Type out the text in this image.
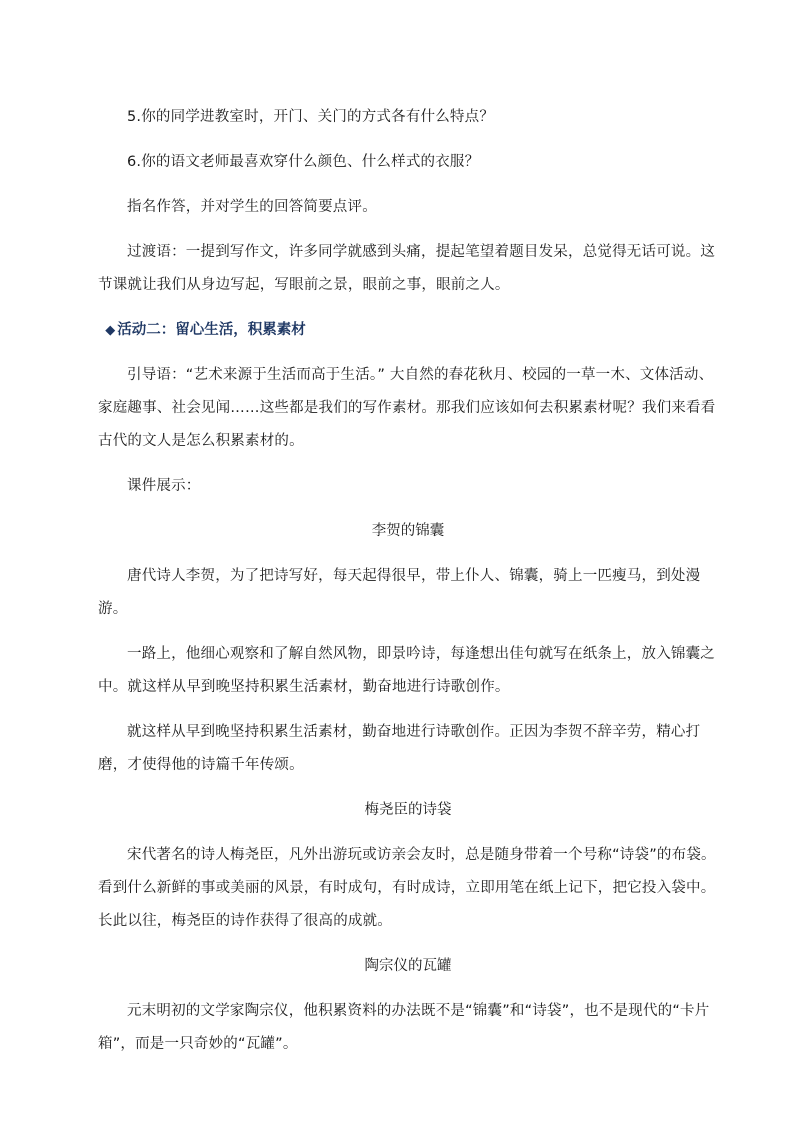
5.你的同学进教室时，开门、关门的方式各有什么特点？

6.你的语文老师最喜欢穿什么颜色、什么样式的衣服？

指名作答，并对学生的回答简要点评。

过渡语：一提到写作文，许多同学就感到头痛，提起笔望着题目发呆，总觉得无话可说。这节课就让我们从身边写起，写眼前之景，眼前之事，眼前之人。

◆ 活动二：留心生活，积累素材

引导语：“艺术来源于生活而高于生活。” 大自然的春花秋月、校园的一草一木、文体活动、家庭趣事、社会见闻……这些都是我们的写作素材。那我们应该如何去积累素材呢？我们来看看古代的文人是怎么积累素材的。

课件展示：

李贺的锦囊

唐代诗人李贺，为了把诗写好，每天起得很早，带上仆人、锦囊，骑上一匹瘦马，到处漫游。

一路上，他细心观察和了解自然风物，即景吟诗，每逢想出佳句就写在纸条上，放入锦囊之中。就这样从早到晚坚持积累生活素材，勤奋地进行诗歌创作。

就这样从早到晚坚持积累生活素材，勤奋地进行诗歌创作。正因为李贺不辞辛劳，精心打磨，才使得他的诗篇千年传颂。

梅尧臣的诗袋

宋代著名的诗人梅尧臣，凡外出游玩或访亲会友时，总是随身带着一个号称“诗袋”的布袋。看到什么新鲜的事或美丽的风景，有时成句，有时成诗，立即用笔在纸上记下，把它投入袋中。长此以往，梅尧臣的诗作获得了很高的成就。

陶宗仪的瓦罐

元末明初的文学家陶宗仪，他积累资料的办法既不是“锦囊”和“诗袋”，也不是现代的“卡片箱”，而是一只奇妙的“瓦罐”。
